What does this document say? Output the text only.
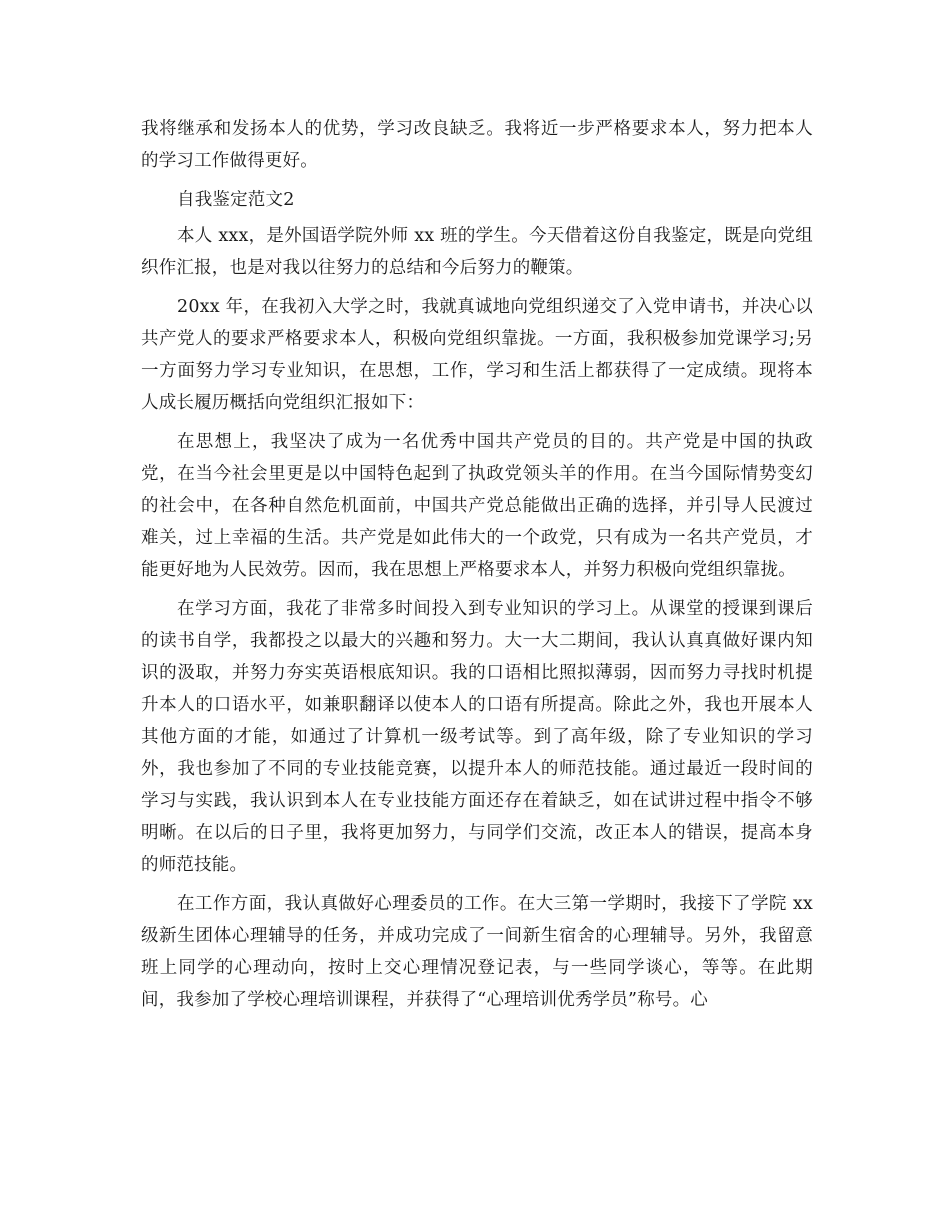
我将继承和发扬本人的优势，学习改良缺乏。我将近一步严格要求本人，努力把本人的学习工作做得更好。

自我鉴定范文2

本人 xxx，是外国语学院外师 xx 班的学生。今天借着这份自我鉴定，既是向党组织作汇报，也是对我以往努力的总结和今后努力的鞭策。

20xx 年，在我初入大学之时，我就真诚地向党组织递交了入党申请书，并决心以共产党人的要求严格要求本人，积极向党组织靠拢。一方面，我积极参加党课学习;另一方面努力学习专业知识，在思想，工作，学习和生活上都获得了一定成绩。现将本人成长履历概括向党组织汇报如下：

在思想上，我坚决了成为一名优秀中国共产党员的目的。共产党是中国的执政党，在当今社会里更是以中国特色起到了执政党领头羊的作用。在当今国际情势变幻的社会中，在各种自然危机面前，中国共产党总能做出正确的选择，并引导人民渡过难关，过上幸福的生活。共产党是如此伟大的一个政党，只有成为一名共产党员，才能更好地为人民效劳。因而，我在思想上严格要求本人，并努力积极向党组织靠拢。

在学习方面，我花了非常多时间投入到专业知识的学习上。从课堂的授课到课后的读书自学，我都投之以最大的兴趣和努力。大一大二期间，我认认真真做好课内知识的汲取，并努力夯实英语根底知识。我的口语相比照拟薄弱，因而努力寻找时机提升本人的口语水平，如兼职翻译以使本人的口语有所提高。除此之外，我也开展本人其他方面的才能，如通过了计算机一级考试等。到了高年级，除了专业知识的学习外，我也参加了不同的专业技能竞赛，以提升本人的师范技能。通过最近一段时间的学习与实践，我认识到本人在专业技能方面还存在着缺乏，如在试讲过程中指令不够明晰。在以后的日子里，我将更加努力，与同学们交流，改正本人的错误，提高本身的师范技能。

在工作方面，我认真做好心理委员的工作。在大三第一学期时，我接下了学院 xx 级新生团体心理辅导的任务，并成功完成了一间新生宿舍的心理辅导。另外，我留意班上同学的心理动向，按时上交心理情况登记表，与一些同学谈心，等等。在此期间，我参加了学校心理培训课程，并获得了“心理培训优秀学员”称号。心
